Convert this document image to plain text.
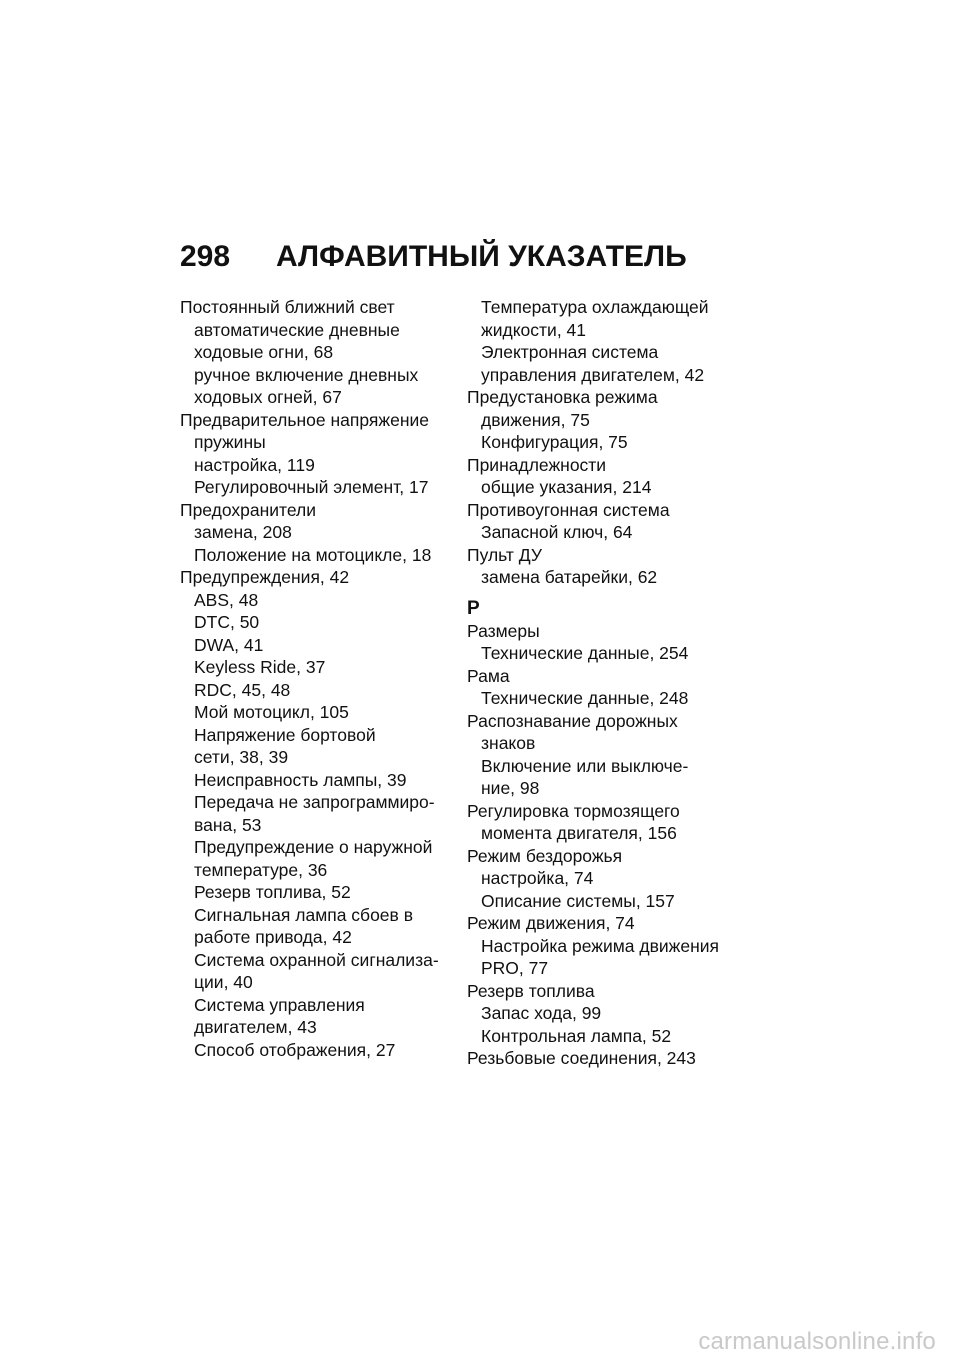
298 АЛФАВИТНЫЙ УКАЗАТЕЛЬ
Постоянный ближний свет
автоматические дневные
ходовые огни, 68
ручное включение дневных
ходовых огней, 67
Предварительное напряжение
пружины
настройка, 119
Регулировочный элемент, 17
Предохранители
замена, 208
Положение на мотоцикле, 18
Предупреждения, 42
ABS, 48
DTC, 50
DWA, 41
Keyless Ride, 37
RDC, 45, 48
Мой мотоцикл, 105
Напряжение бортовой
сети, 38, 39
Неисправность лампы, 39
Передача не запрограммиро-
вана, 53
Предупреждение о наружной
температуре, 36
Резерв топлива, 52
Сигнальная лампа сбоев в
работе привода, 42
Система охранной сигнализа-
ции, 40
Система управления
двигателем, 43
Способ отображения, 27
Температура охлаждающей
жидкости, 41
Электронная система
управления двигателем, 42
Предустановка режима
движения, 75
Конфигурация, 75
Принадлежности
общие указания, 214
Противоугонная система
Запасной ключ, 64
Пульт ДУ
замена батарейки, 62
Р
Размеры
Технические данные, 254
Рама
Технические данные, 248
Распознавание дорожных
знаков
Включение или выключе-
ние, 98
Регулировка тормозящего
момента двигателя, 156
Режим бездорожья
настройка, 74
Описание системы, 157
Режим движения, 74
Настройка режима движения
PRO, 77
Резерв топлива
Запас хода, 99
Контрольная лампа, 52
Резьбовые соединения, 243
carmanualsonline.info
